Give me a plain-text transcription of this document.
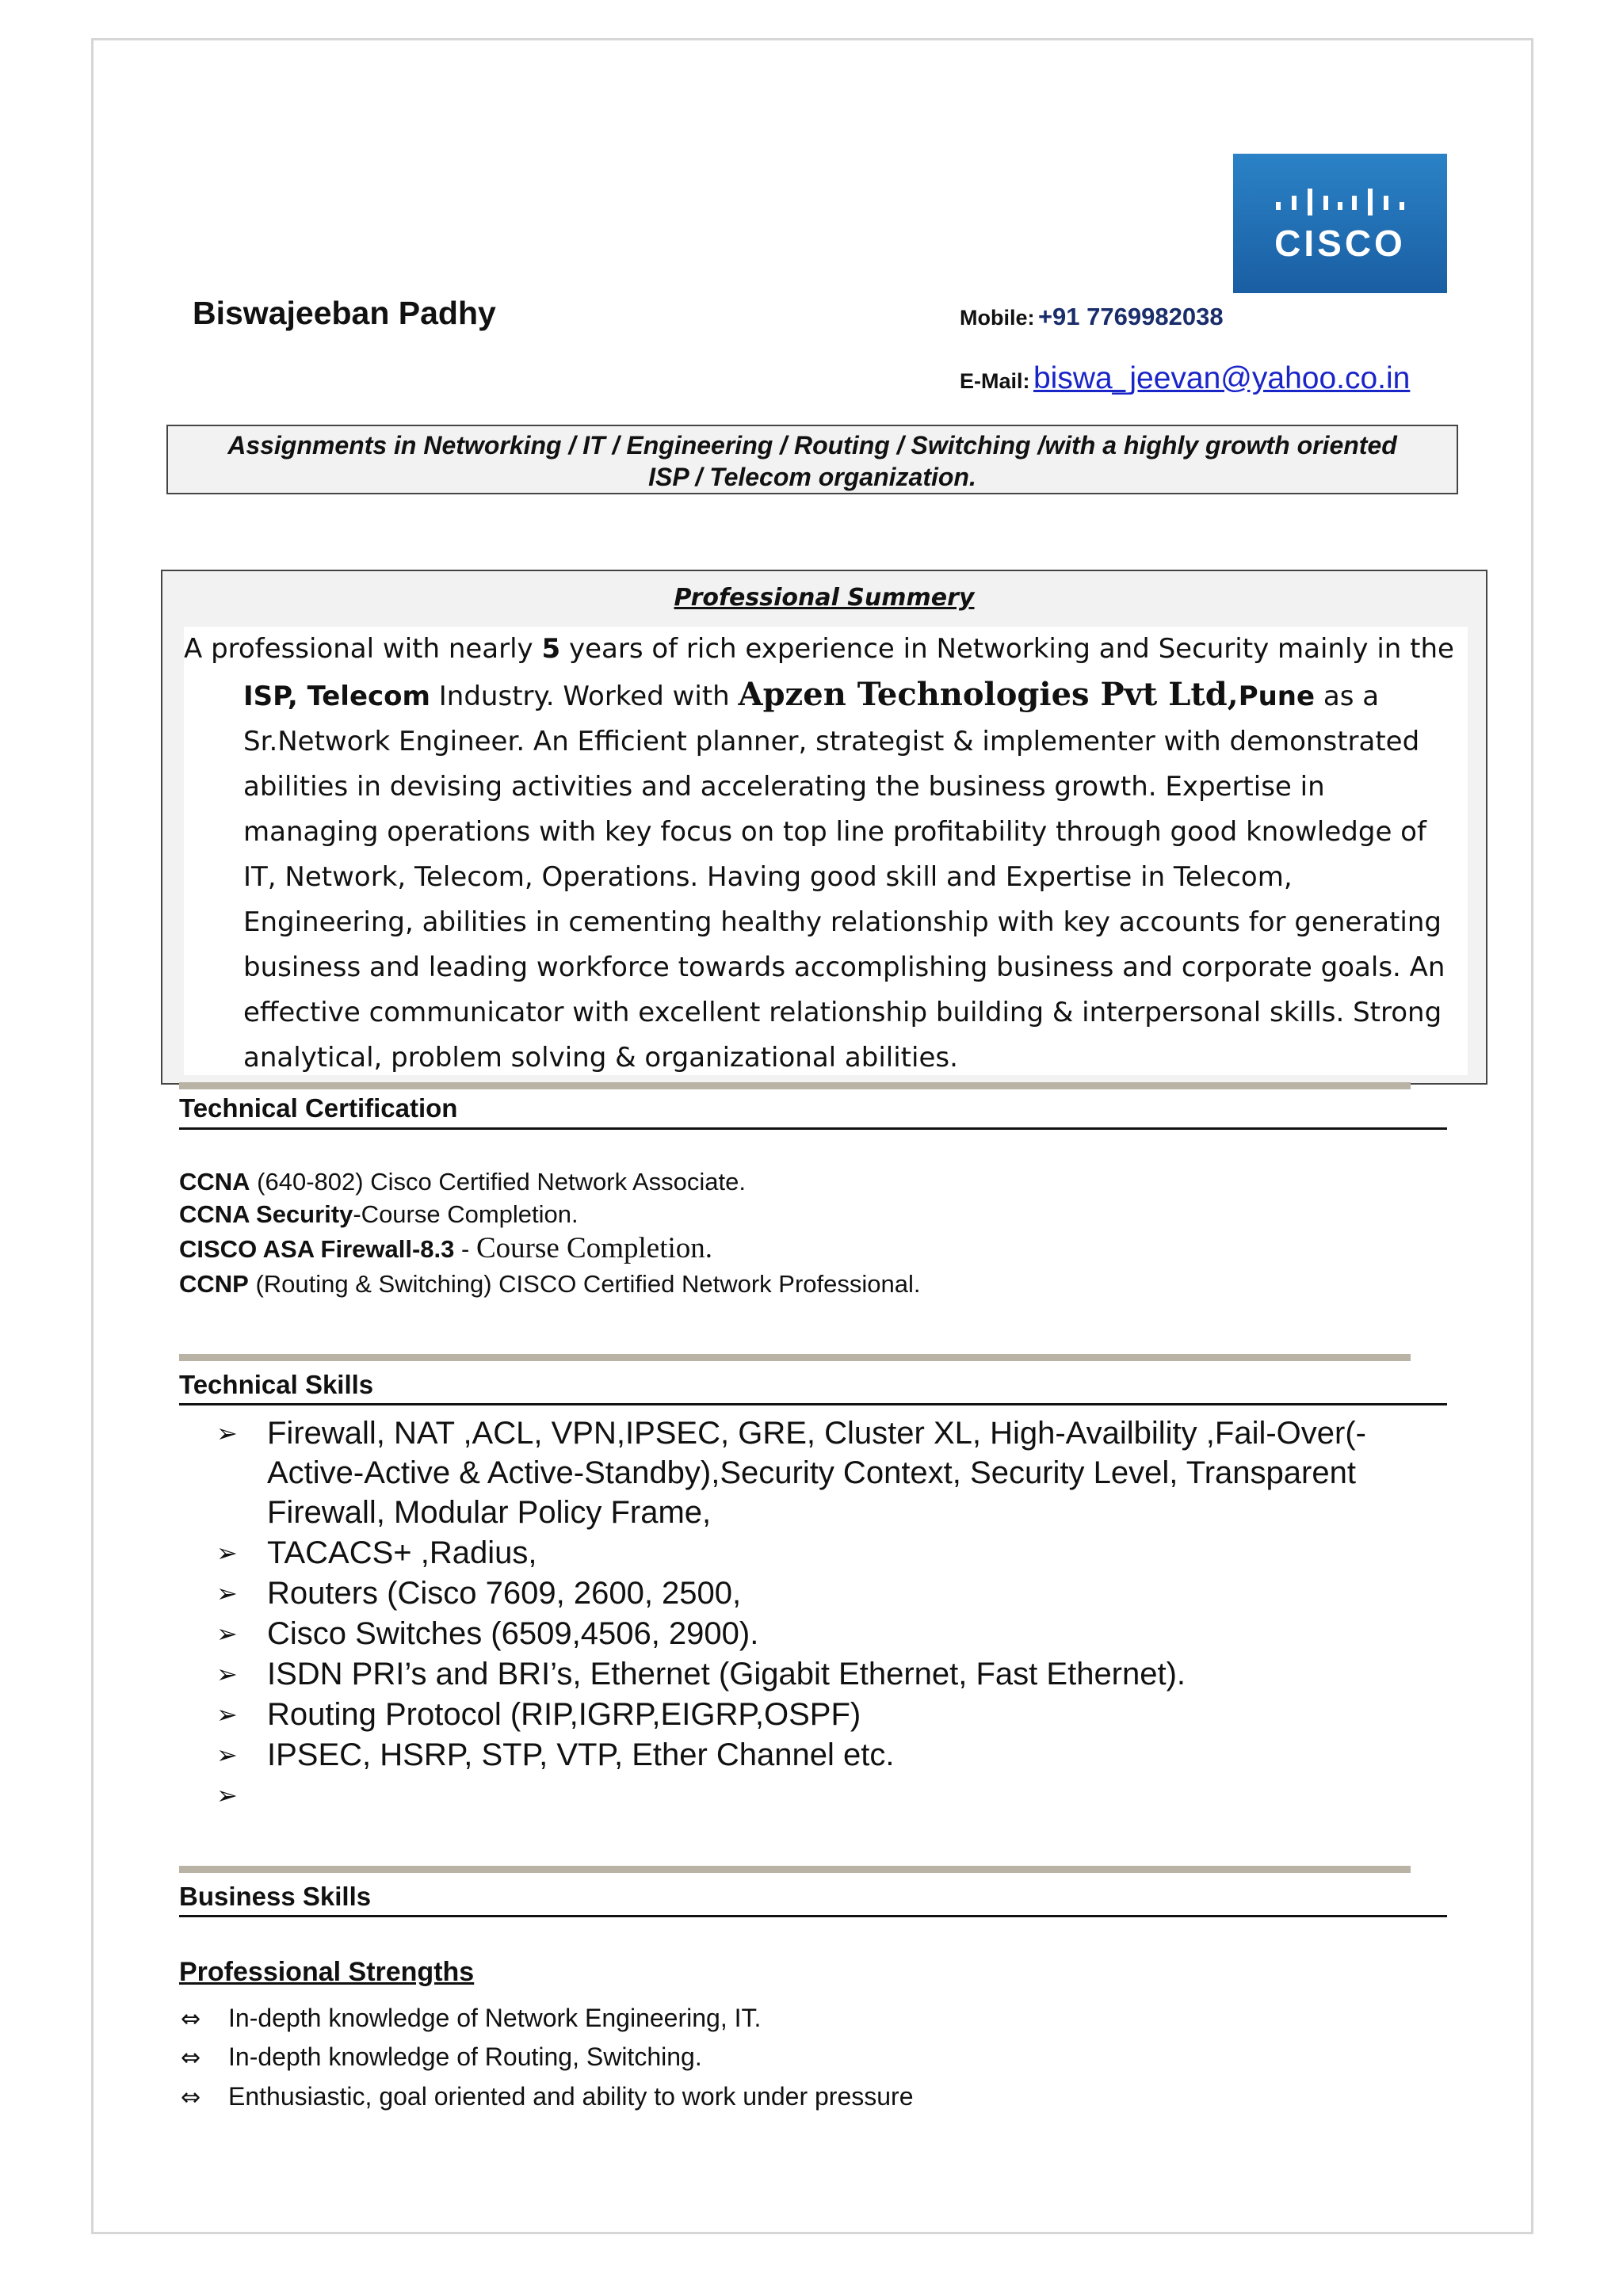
CISCO
Biswajeeban Padhy	Mobile: +91 7769982038
E-Mail: biswa_jeevan@yahoo.co.in
Assignments in Networking / IT / Engineering / Routing / Switching /with a highly growth oriented
ISP / Telecom organization.
Professional Summery

A professional with nearly 5 years of rich experience in Networking and Security mainly in the ISP, Telecom Industry. Worked with Apzen Technologies Pvt Ltd,Pune as a Sr.Network Engineer. An Efficient planner, strategist & implementer with demonstrated abilities in devising activities and accelerating the business growth. Expertise in managing operations with key focus on top line profitability through good knowledge of IT, Network, Telecom, Operations. Having good skill and Expertise in Telecom, Engineering, abilities in cementing healthy relationship with key accounts for generating business and leading workforce towards accomplishing business and corporate goals. An effective communicator with excellent relationship building & interpersonal skills. Strong analytical, problem solving & organizational abilities.

Technical Certification
CCNA (640-802) Cisco Certified Network Associate.
CCNA Security-Course Completion.
CISCO ASA Firewall-8.3 - Course Completion.
CCNP (Routing & Switching) CISCO Certified Network Professional.
Technical Skills
➢ Firewall, NAT ,ACL, VPN,IPSEC, GRE, Cluster XL, High-Availbility ,Fail-Over(-Active-Active & Active-Standby),Security Context, Security Level, Transparent Firewall, Modular Policy Frame,
➢ TACACS+ ,Radius,
➢ Routers (Cisco 7609, 2600, 2500,
➢ Cisco Switches (6509,4506, 2900).
➢ ISDN PRI’s and BRI’s, Ethernet (Gigabit Ethernet, Fast Ethernet).
➢ Routing Protocol (RIP,IGRP,EIGRP,OSPF)
➢ IPSEC, HSRP, STP, VTP, Ether Channel etc.
➢

Business Skills
Professional Strengths
⇔ In-depth knowledge of Network Engineering, IT.
⇔ In-depth knowledge of Routing, Switching.
⇔ Enthusiastic, goal oriented and ability to work under pressure
